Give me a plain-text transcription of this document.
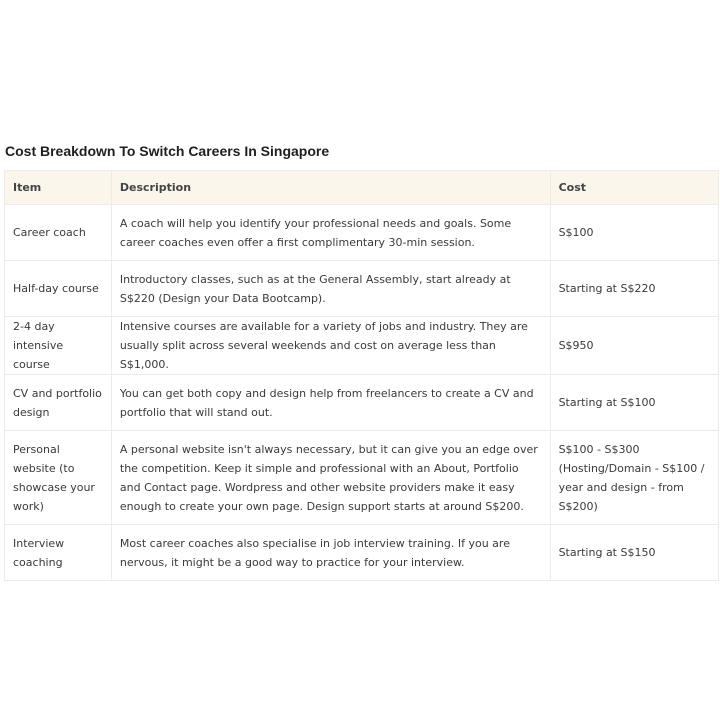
Cost Breakdown To Switch Careers In Singapore
Item	Description	Cost
Career coach	A coach will help you identify your professional needs and goals. Some career coaches even offer a first complimentary 30-min session.	S$100
Half-day course	Introductory classes, such as at the General Assembly, start already at S$220 (Design your Data Bootcamp).	Starting at S$220
2-4 day intensive course	Intensive courses are available for a variety of jobs and industry. They are usually split across several weekends and cost on average less than S$1,000.	S$950
CV and portfolio design	You can get both copy and design help from freelancers to create a CV and portfolio that will stand out.	Starting at S$100
Personal website (to showcase your work)	A personal website isn't always necessary, but it can give you an edge over the competition. Keep it simple and professional with an About, Portfolio and Contact page. Wordpress and other website providers make it easy enough to create your own page. Design support starts at around S$200.	S$100 - S$300 (Hosting/Domain - S$100 / year and design - from S$200)
Interview coaching	Most career coaches also specialise in job interview training. If you are nervous, it might be a good way to practice for your interview.	Starting at S$150
